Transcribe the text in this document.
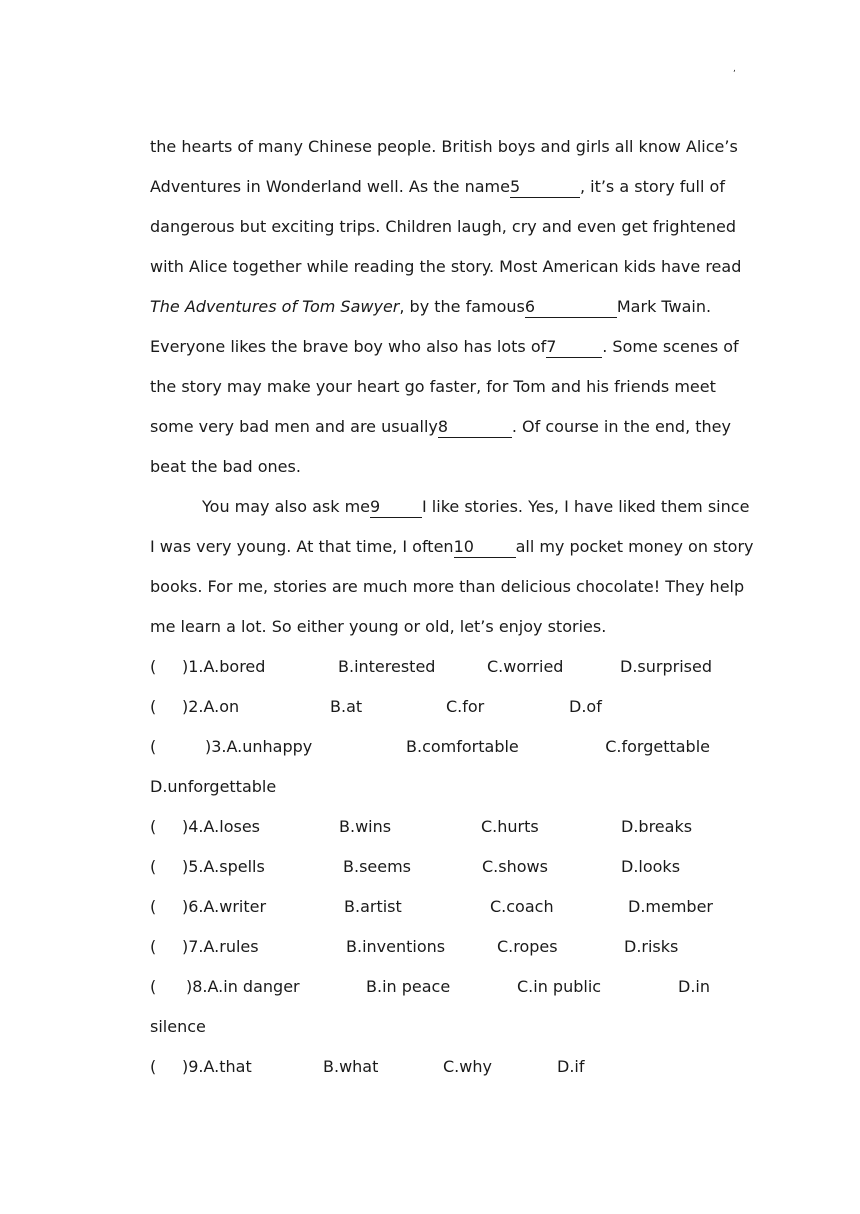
,
the hearts of many Chinese people. British boys and girls all know Alice’s
Adventures in Wonderland well. As the name5	, it’s a story full of
dangerous but exciting trips. Children laugh, cry and even get frightened
with Alice together while reading the story. Most American kids have read
The Adventures of Tom Sawyer, by the famous6	Mark Twain.
Everyone likes the brave boy who also has lots of7	. Some scenes of
the story may make your heart go faster, for Tom and his friends meet
some very bad men and are usually8	. Of course in the end, they
beat the bad ones.
You may also ask me9	I like stories. Yes, I have liked them since
I was very young. At that time, I often10	all my pocket money on story
books. For me, stories are much more than delicious chocolate! They help
me learn a lot. So either young or old, let’s enjoy stories.
( )1.A.bored	B.interested	C.worried	D.surprised
( )2.A.on	B.at	C.for	D.of
(	)3.A.unhappy	B.comfortable	C.forgettable
D.unforgettable
( )4.A.loses	B.wins	C.hurts	D.breaks
( )5.A.spells	B.seems	C.shows	D.looks
( )6.A.writer	B.artist	C.coach	D.member
( )7.A.rules	B.inventions	C.ropes	D.risks
( )8.A.in danger	B.in peace	C.in public	D.in
silence
( )9.A.that	B.what	C.why	D.if
